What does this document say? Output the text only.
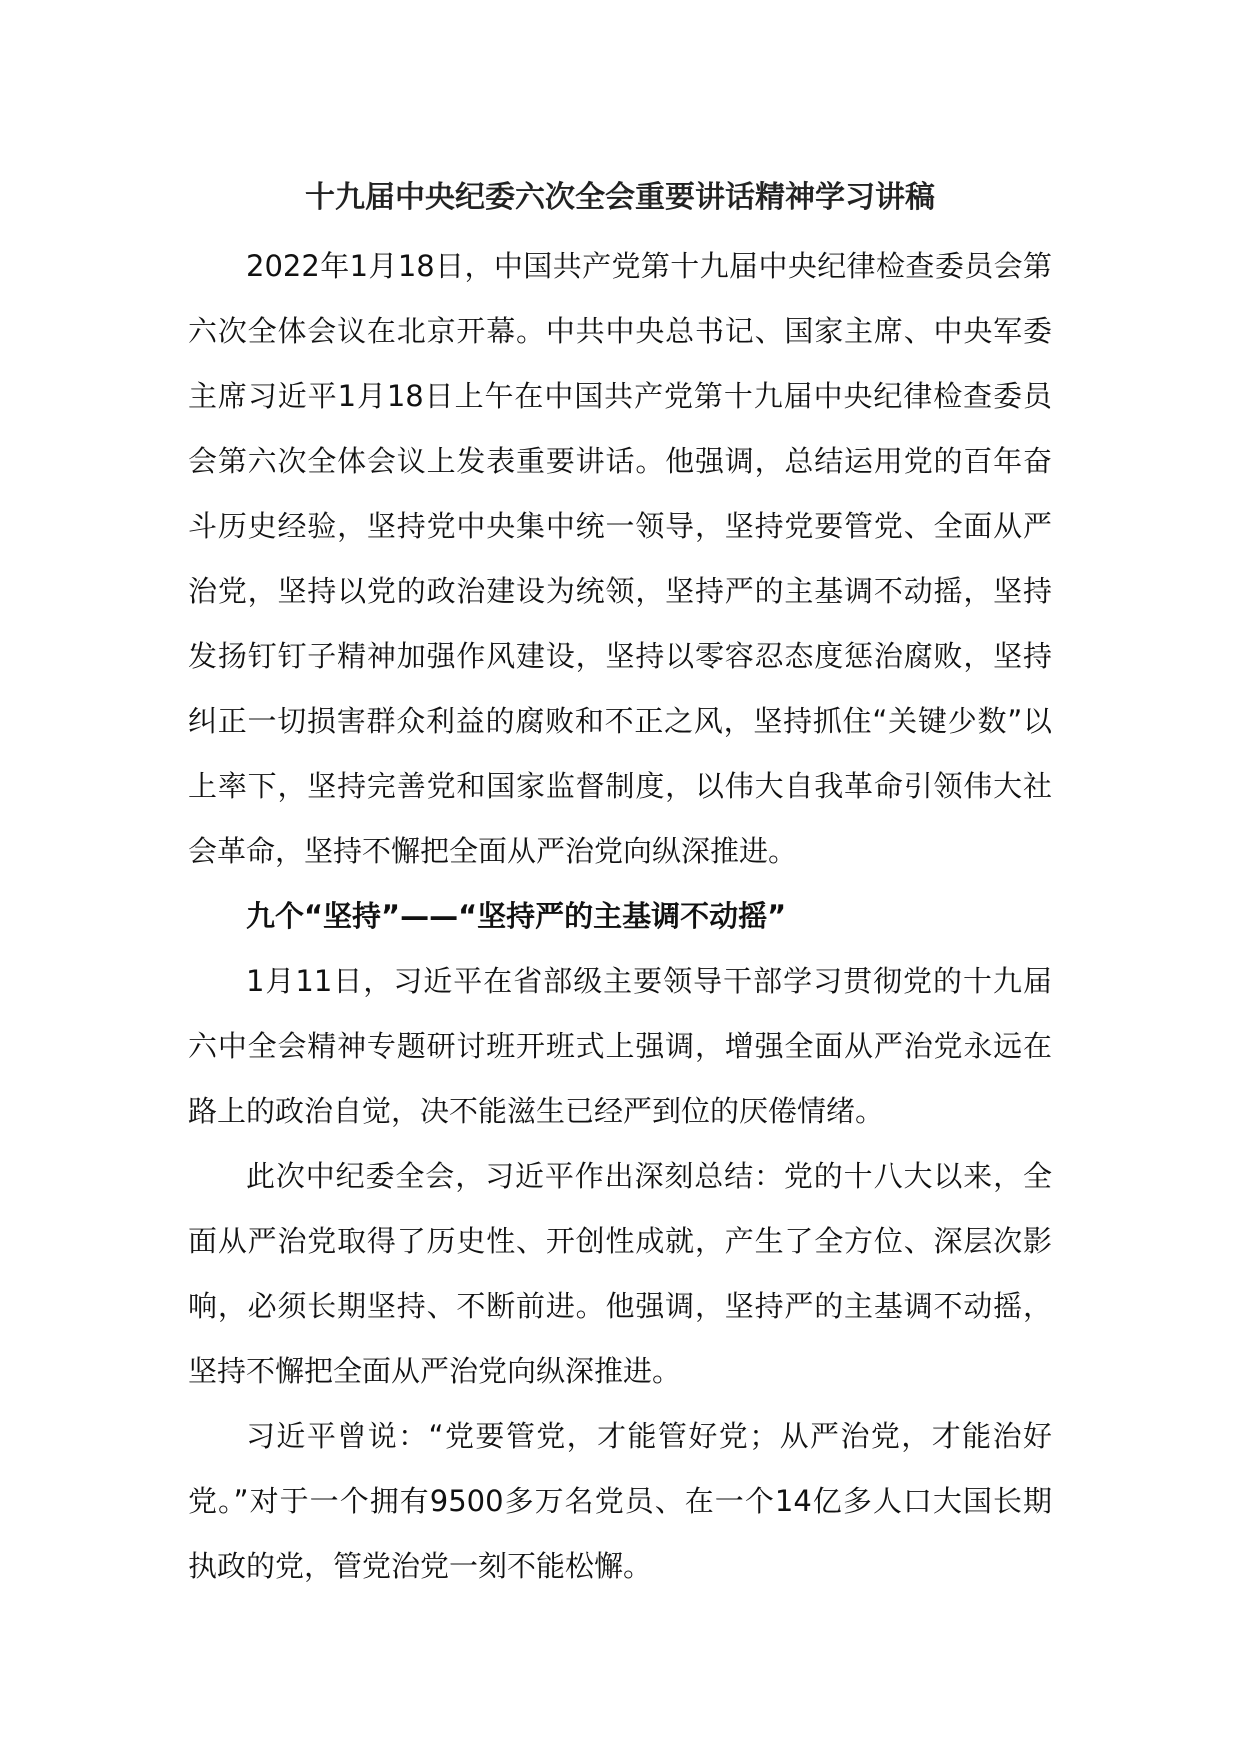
十九届中央纪委六次全会重要讲话精神学习讲稿

2022年1月18日，中国共产党第十九届中央纪律检查委员会第六次全体会议在北京开幕。中共中央总书记、国家主席、中央军委主席习近平1月18日上午在中国共产党第十九届中央纪律检查委员会第六次全体会议上发表重要讲话。他强调，总结运用党的百年奋斗历史经验，坚持党中央集中统一领导，坚持党要管党、全面从严治党，坚持以党的政治建设为统领，坚持严的主基调不动摇，坚持发扬钉钉子精神加强作风建设，坚持以零容忍态度惩治腐败，坚持纠正一切损害群众利益的腐败和不正之风，坚持抓住“关键少数”以上率下，坚持完善党和国家监督制度，以伟大自我革命引领伟大社会革命，坚持不懈把全面从严治党向纵深推进。

九个“坚持”——“坚持严的主基调不动摇”

1月11日，习近平在省部级主要领导干部学习贯彻党的十九届六中全会精神专题研讨班开班式上强调，增强全面从严治党永远在路上的政治自觉，决不能滋生已经严到位的厌倦情绪。

此次中纪委全会，习近平作出深刻总结：党的十八大以来，全面从严治党取得了历史性、开创性成就，产生了全方位、深层次影响，必须长期坚持、不断前进。他强调，坚持严的主基调不动摇，坚持不懈把全面从严治党向纵深推进。

习近平曾说：“党要管党，才能管好党；从严治党，才能治好党。”对于一个拥有9500多万名党员、在一个14亿多人口大国长期执政的党，管党治党一刻不能松懈。
